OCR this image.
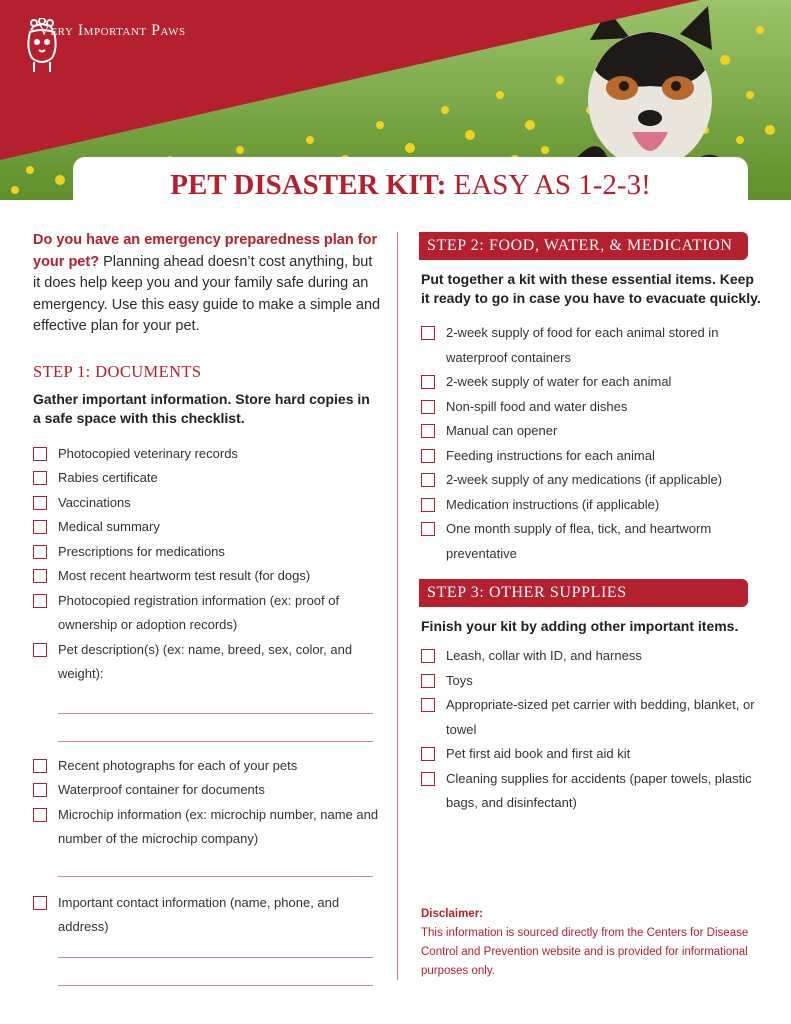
Very Important Paws
PET DISASTER KIT: EASY AS 1-2-3!

Do you have an emergency preparedness plan for your pet? Planning ahead doesn’t cost anything, but it does help keep you and your family safe during an emergency. Use this easy guide to make a simple and effective plan for your pet.

STEP 1: DOCUMENTS

Gather important information. Store hard copies in a safe space with this checklist.

Photocopied veterinary records
Rabies certificate
Vaccinations
Medical summary
Prescriptions for medications
Most recent heartworm test result (for dogs)
Photocopied registration information (ex: proof of ownership or adoption records)
Pet description(s) (ex: name, breed, sex, color, and weight):
Recent photographs for each of your pets
Waterproof container for documents
Microchip information (ex: microchip number, name and number of the microchip company)
Important contact information (name, phone, and address)
STEP 2: FOOD, WATER, & MEDICATION

Put together a kit with these essential items. Keep it ready to go in case you have to evacuate quickly.

2-week supply of food for each animal stored in waterproof containers
2-week supply of water for each animal
Non-spill food and water dishes
Manual can opener
Feeding instructions for each animal
2-week supply of any medications (if applicable)
Medication instructions (if applicable)
One month supply of flea, tick, and heartworm preventative
STEP 3: OTHER SUPPLIES

Finish your kit by adding other important items.

Leash, collar with ID, and harness
Toys
Appropriate-sized pet carrier with bedding, blanket, or towel
Pet first aid book and first aid kit
Cleaning supplies for accidents (paper towels, plastic bags, and disinfectant)
Disclaimer:
This information is sourced directly from the Centers for Disease Control and Prevention website and is provided for informational purposes only.
